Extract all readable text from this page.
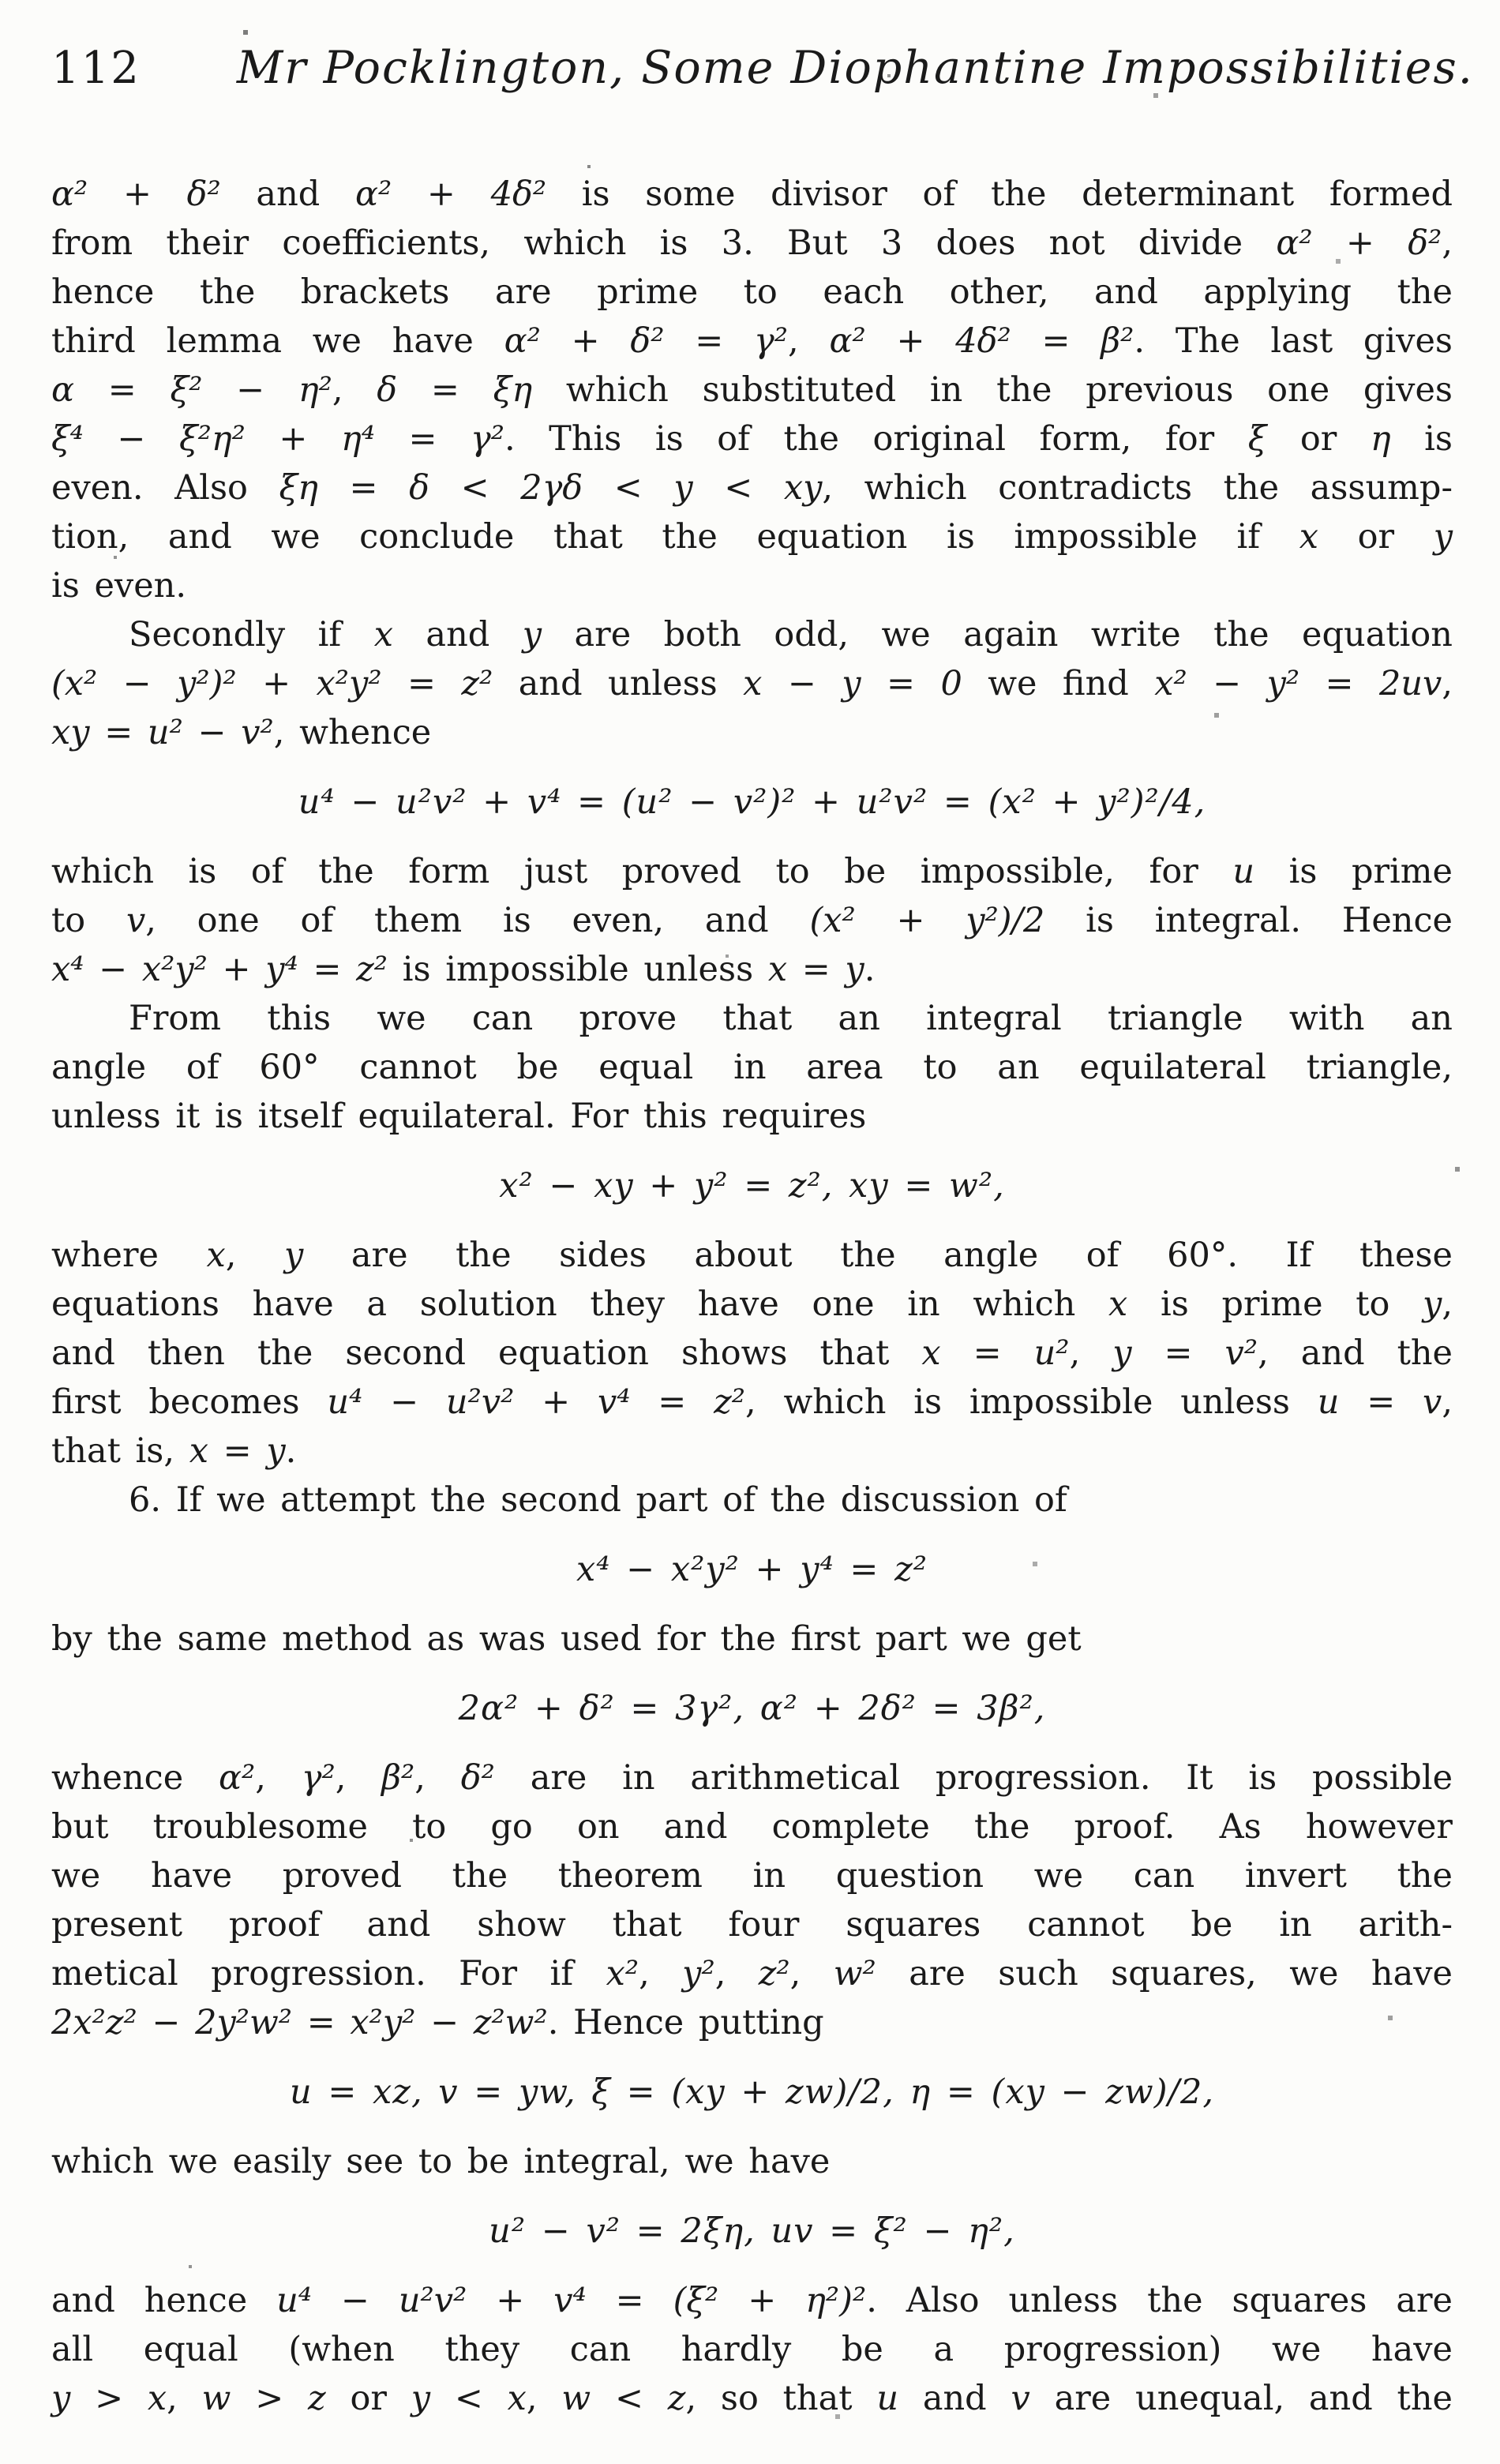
112 Mr Pocklington, Some Diophantine Impossibilities.
α² + δ² and α² + 4δ² is some divisor of the determinant formed
from their coefficients, which is 3. But 3 does not divide α² + δ²,
hence the brackets are prime to each other, and applying the
third lemma we have α² + δ² = γ², α² + 4δ² = β². The last gives
α = ξ² − η², δ = ξη which substituted in the previous one gives
ξ⁴ − ξ²η² + η⁴ = γ². This is of the original form, for ξ or η is
even. Also ξη = δ < 2γδ < y < xy, which contradicts the assump-
tion, and we conclude that the equation is impossible if x or y
is even.
Secondly if x and y are both odd, we again write the equation
(x² − y²)² + x²y² = z² and unless x − y = 0 we find x² − y² = 2uv,
xy = u² − v², whence
u⁴ − u²v² + v⁴ = (u² − v²)² + u²v² = (x² + y²)²/4,
which is of the form just proved to be impossible, for u is prime
to v, one of them is even, and (x² + y²)/2 is integral. Hence
x⁴ − x²y² + y⁴ = z² is impossible unless x = y.
From this we can prove that an integral triangle with an
angle of 60° cannot be equal in area to an equilateral triangle,
unless it is itself equilateral. For this requires
x² − xy + y² = z², xy = w²,
where x, y are the sides about the angle of 60°. If these
equations have a solution they have one in which x is prime to y,
and then the second equation shows that x = u², y = v², and the
first becomes u⁴ − u²v² + v⁴ = z², which is impossible unless u = v,
that is, x = y.
6. If we attempt the second part of the discussion of
x⁴ − x²y² + y⁴ = z²
by the same method as was used for the first part we get
2α² + δ² = 3γ², α² + 2δ² = 3β²,
whence α², γ², β², δ² are in arithmetical progression. It is possible
but troublesome to go on and complete the proof. As however
we have proved the theorem in question we can invert the
present proof and show that four squares cannot be in arith-
metical progression. For if x², y², z², w² are such squares, we have
2x²z² − 2y²w² = x²y² − z²w². Hence putting
u = xz, v = yw, ξ = (xy + zw)/2, η = (xy − zw)/2,
which we easily see to be integral, we have
u² − v² = 2ξη, uv = ξ² − η²,
and hence u⁴ − u²v² + v⁴ = (ξ² + η²)². Also unless the squares are
all equal (when they can hardly be a progression) we have
y > x, w > z or y < x, w < z, so that u and v are unequal, and the
